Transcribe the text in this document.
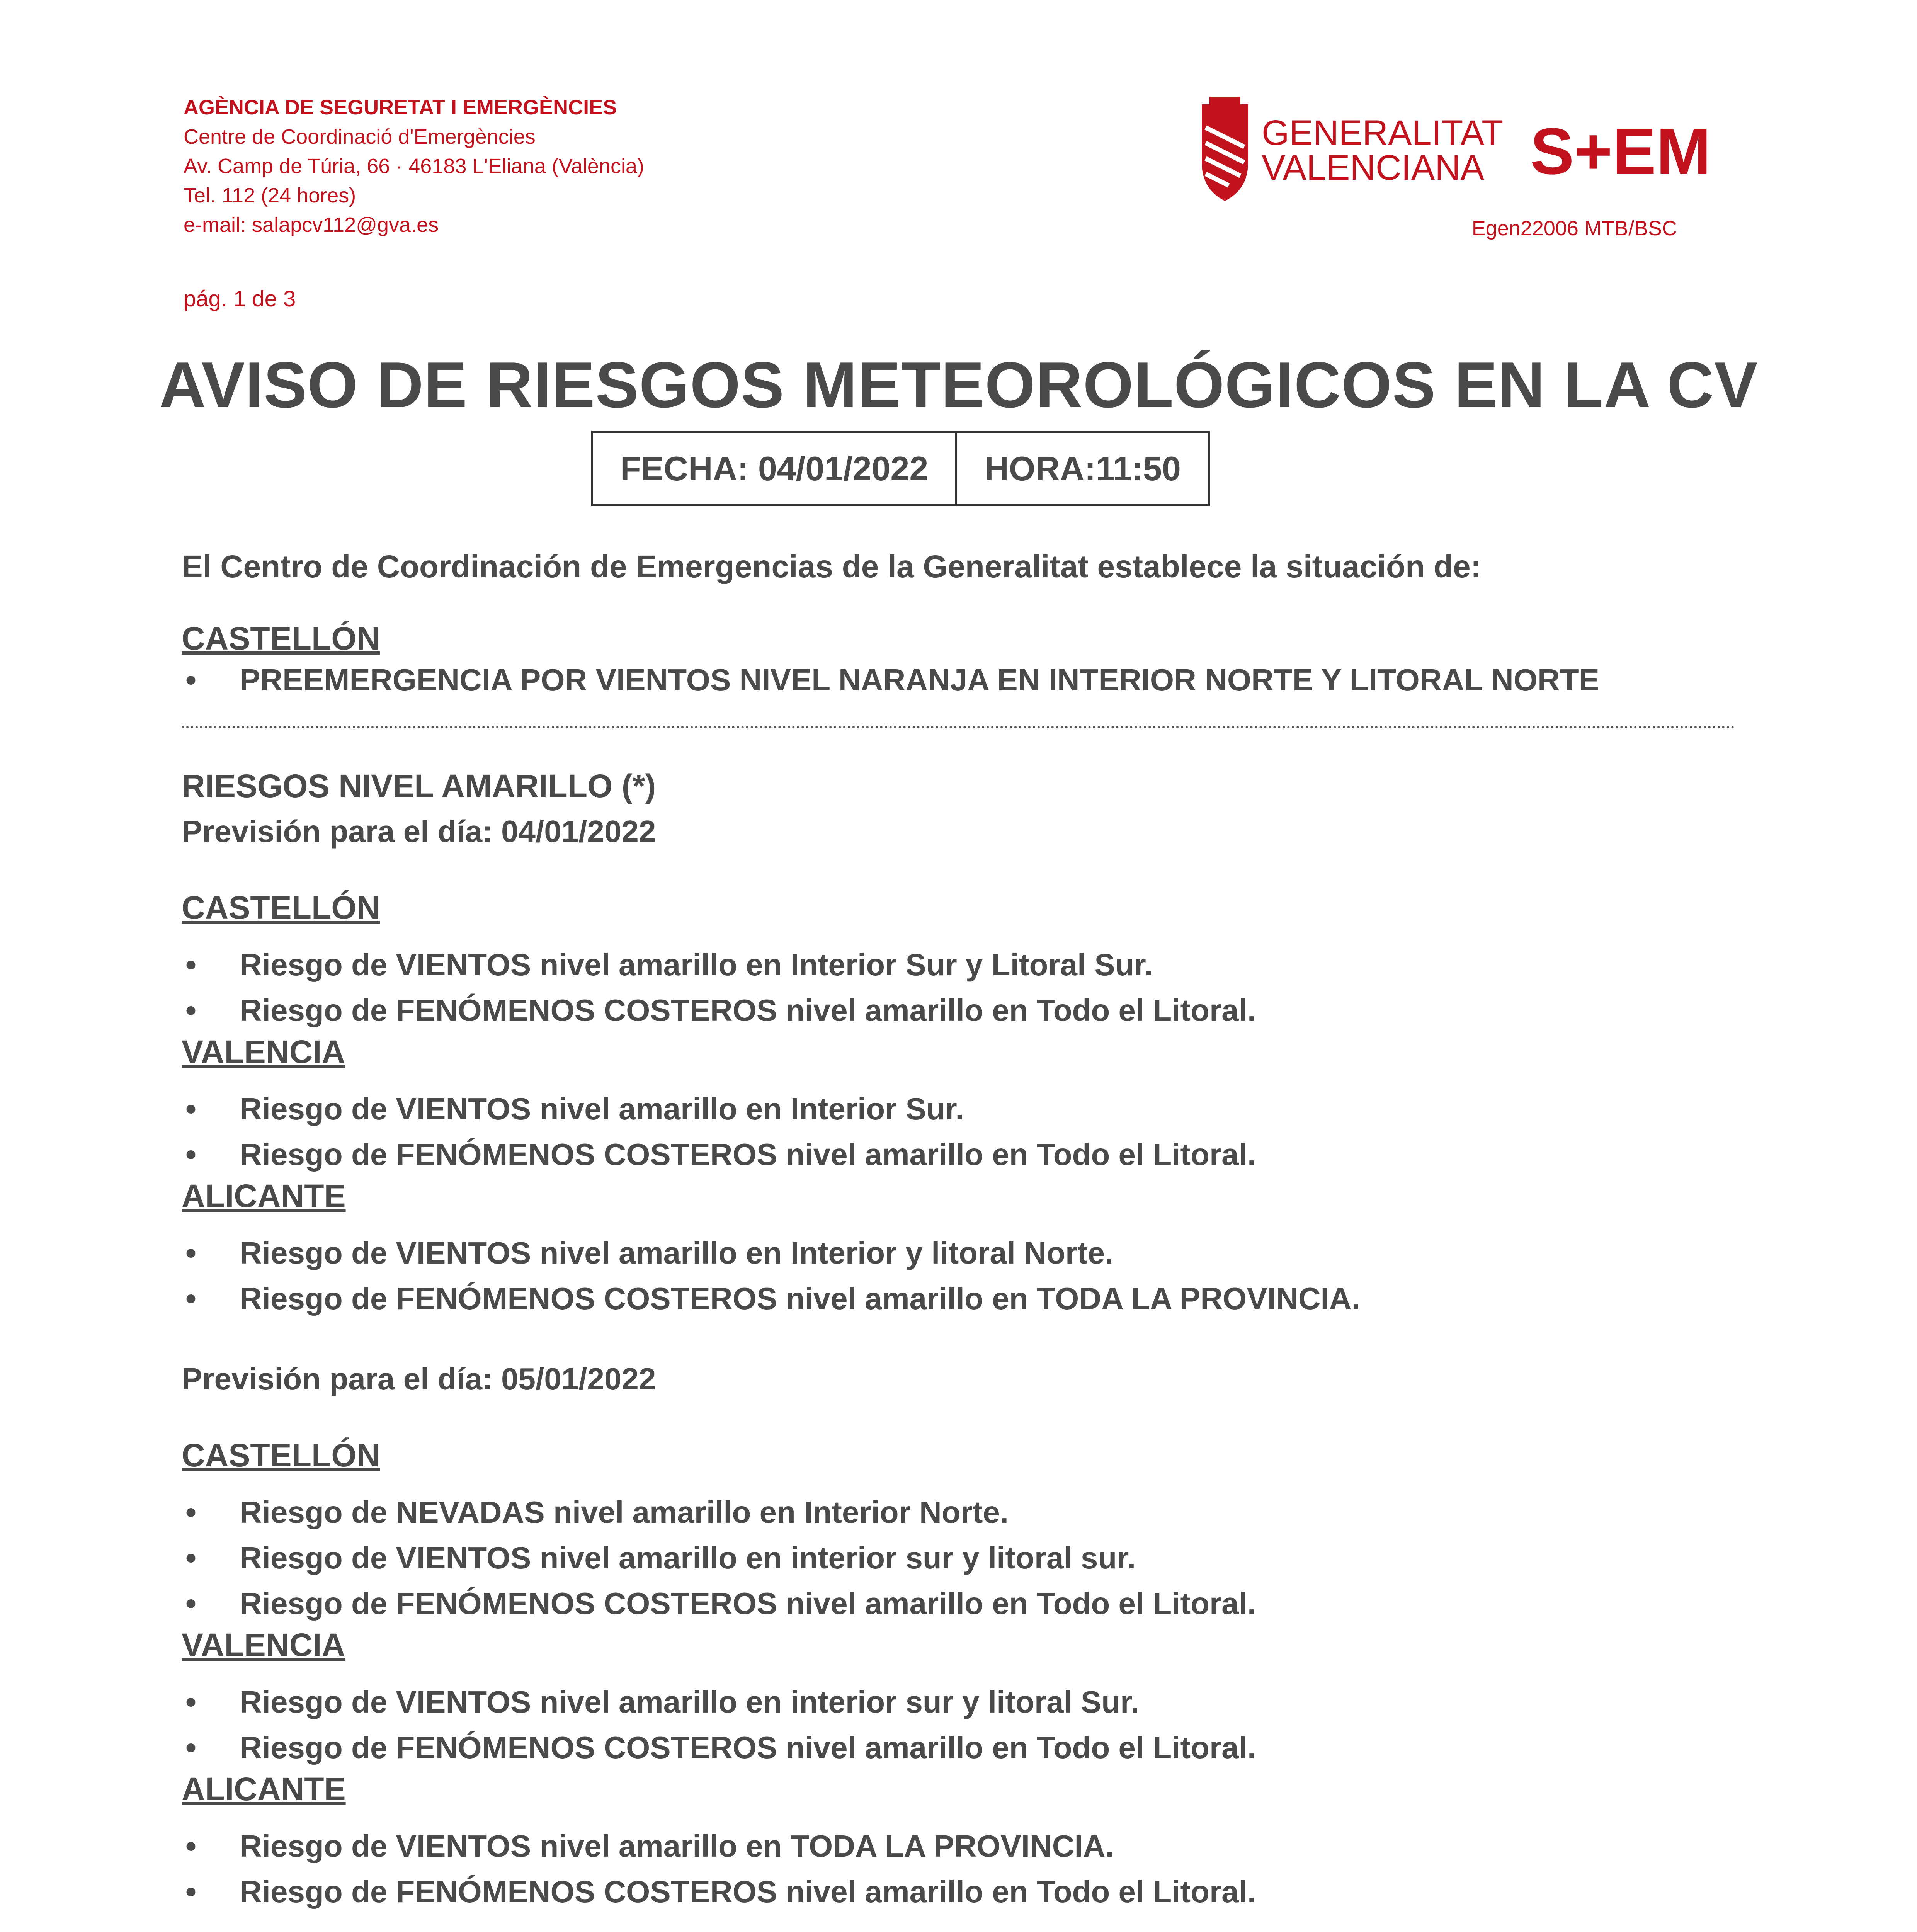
AGÈNCIA DE SEGURETAT I EMERGÈNCIES
Centre de Coordinació d'Emergències
Av. Camp de Túria, 66 · 46183 L'Eliana (València)
Tel. 112 (24 hores)
e-mail: salapcv112@gva.es
GENERALITAT
VALENCIANA S+EM
Egen22006 MTB/BSC
pág. 1 de 3
AVISO DE RIESGOS METEOROLÓGICOS EN LA CV
FECHA: 04/01/2022	HORA:11:50
El Centro de Coordinación de Emergencias de la Generalitat establece la situación de:
CASTELLÓN
• PREEMERGENCIA POR VIENTOS NIVEL NARANJA EN INTERIOR NORTE Y LITORAL NORTE
RIESGOS NIVEL AMARILLO (*)
Previsión para el día: 04/01/2022
CASTELLÓN
• Riesgo de VIENTOS nivel amarillo en Interior Sur y Litoral Sur.
• Riesgo de FENÓMENOS COSTEROS nivel amarillo en Todo el Litoral.
VALENCIA
• Riesgo de VIENTOS nivel amarillo en Interior Sur.
• Riesgo de FENÓMENOS COSTEROS nivel amarillo en Todo el Litoral.
ALICANTE
• Riesgo de VIENTOS nivel amarillo en Interior y litoral Norte.
• Riesgo de FENÓMENOS COSTEROS nivel amarillo en TODA LA PROVINCIA.
Previsión para el día: 05/01/2022
CASTELLÓN
• Riesgo de NEVADAS nivel amarillo en Interior Norte.
• Riesgo de VIENTOS nivel amarillo en interior sur y litoral sur.
• Riesgo de FENÓMENOS COSTEROS nivel amarillo en Todo el Litoral.
VALENCIA
• Riesgo de VIENTOS nivel amarillo en interior sur y litoral Sur.
• Riesgo de FENÓMENOS COSTEROS nivel amarillo en Todo el Litoral.
ALICANTE
• Riesgo de VIENTOS nivel amarillo en TODA LA PROVINCIA.
• Riesgo de FENÓMENOS COSTEROS nivel amarillo en Todo el Litoral.
